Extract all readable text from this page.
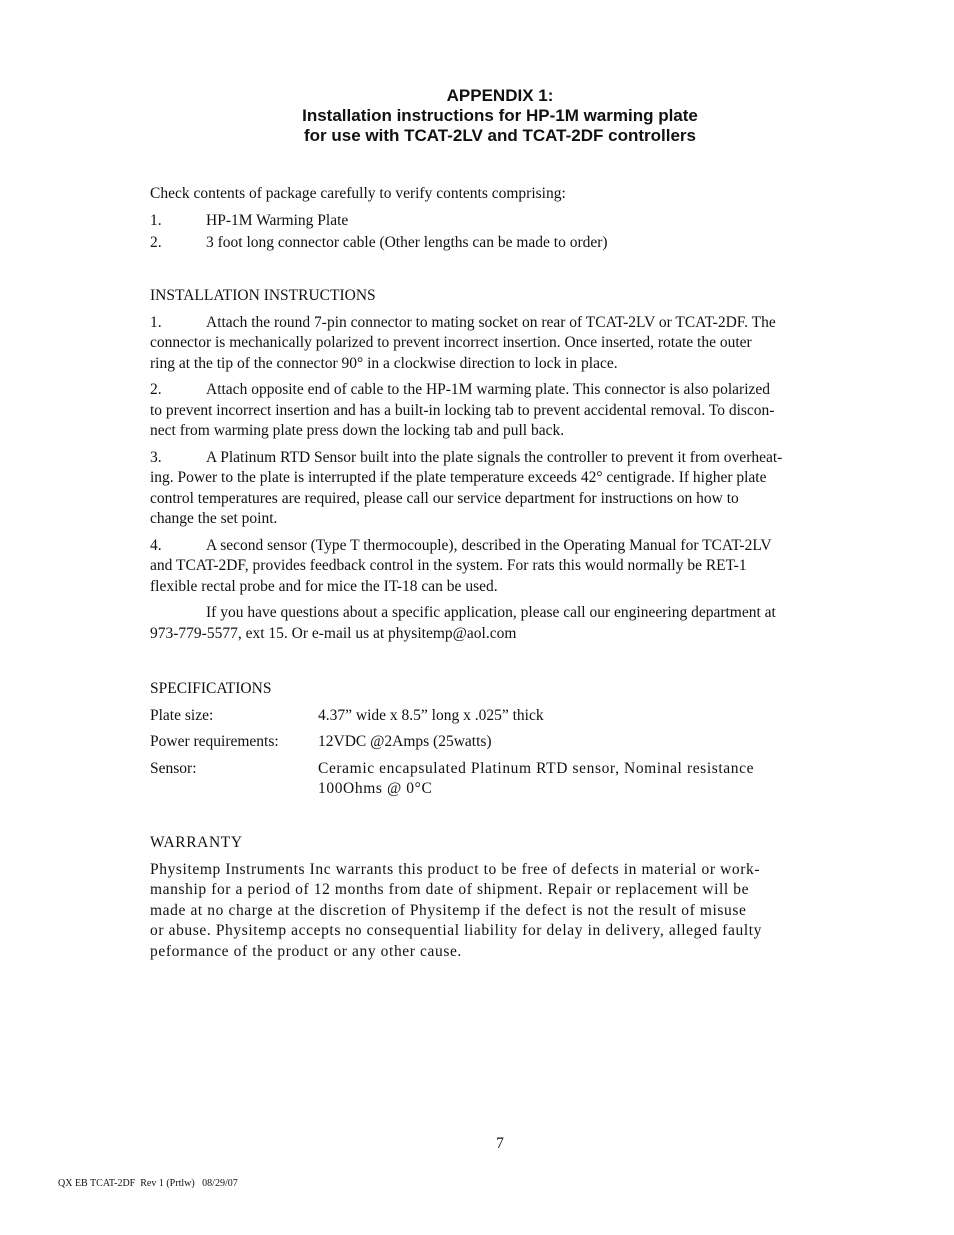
APPENDIX 1:
Installation instructions for HP-1M warming plate
for use with TCAT-2LV and TCAT-2DF controllers
Check contents of package carefully to verify contents comprising:
1.	HP-1M Warming Plate
2.	3 foot long connector cable (Other lengths can be made to order)
INSTALLATION INSTRUCTIONS
1.	Attach the round 7-pin connector to mating socket on rear of TCAT-2LV or TCAT-2DF. The
connector is mechanically polarized to prevent incorrect insertion. Once inserted, rotate the outer
ring at the tip of the connector 90° in a clockwise direction to lock in place.
2.	Attach opposite end of cable to the HP-1M warming plate. This connector is also polarized
to prevent incorrect insertion and has a built-in locking tab to prevent accidental removal. To discon-
nect from warming plate press down the locking tab and pull back.
3.	A Platinum RTD Sensor built into the plate signals the controller to prevent it from overheat-
ing. Power to the plate is interrupted if the plate temperature exceeds 42° centigrade. If higher plate
control temperatures are required, please call our service department for instructions on how to
change the set point.
4.	A second sensor (Type T thermocouple), described in the Operating Manual for TCAT-2LV
and TCAT-2DF, provides feedback control in the system. For rats this would normally be RET-1
flexible rectal probe and for mice the IT-18 can be used.
If you have questions about a specific application, please call our engineering department at
973-779-5577, ext 15. Or e-mail us at physitemp@aol.com
SPECIFICATIONS
Plate size:	4.37” wide x 8.5” long x .025” thick
Power requirements:	12VDC @2Amps (25watts)
Sensor:	Ceramic encapsulated Platinum RTD sensor, Nominal resistance
100Ohms @ 0°C
WARRANTY
Physitemp Instruments Inc warrants this product to be free of defects in material or work-
manship for a period of 12 months from date of shipment. Repair or replacement will be
made at no charge at the discretion of Physitemp if the defect is not the result of misuse
or abuse. Physitemp accepts no consequential liability for delay in delivery, alleged faulty
peformance of the product or any other cause.
7
QX EB TCAT-2DF  Rev 1 (Prtlw)   08/29/07
